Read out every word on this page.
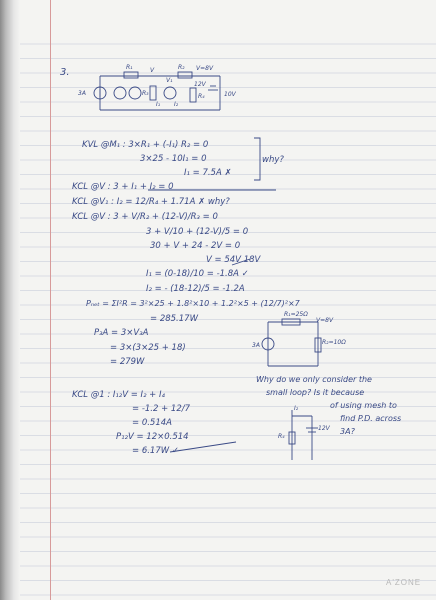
R₁	R₂
R₃
3A
V
V₁
12V
V=8V
I₁
R₄
I₂
10V
R₁=25Ω
V=8V
R₂=10Ω
3A
I₂
12V
R₄
3.
KVL @M₁ : 3×R₁ + (-I₁) R₂ = 0
3×25 - 10I₁ = 0
I₁ = 7.5A ✗
why?
KCL @V : 3 + I₁ + I₂ = 0
KCL @V₁ : I₂ = 12/R₄ + 1.71A ✗ why?
KCL @V : 3 + V/R₂ + (12-V)/R₃ = 0
3 + V/10 + (12-V)/5 = 0
30 + V + 24 - 2V = 0
V = 54V 18V
I₁ = (0-18)/10 = -1.8A ✓
I₂ = - (18-12)/5 = -1.2A
Pₙₑₜ = ΣI²R = 3²×25 + 1.8²×10 + 1.2²×5 + (12/7)²×7
= 285.17W
P₃A = 3×V₃A
= 3×(3×25 + 18)
= 279W
KCL @1 : I₁₂V = I₂ + I₄
= -1.2 + 12/7
= 0.514A
P₁₂V = 12×0.514
= 6.17W ✓
Why do we only consider the
small loop? Is it because
of using mesh to
find P.D. across
3A?
A'ZONE
